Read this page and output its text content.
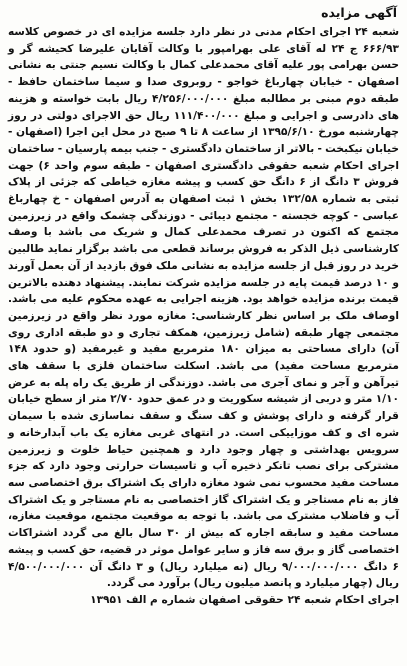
آگهی مزایده

شعبه ۲۴ اجرای احکام مدنی در نظر دارد جلسه مزایده ای در خصوص کلاسه ۶۶۶/۹۳ ج ۲۴ له آقای علی بهرامپور با وکالت آقایان علیرضا کحیشه گر و حسن بهرامی پور علیه آقای محمدعلی کمال با وکالت نسیم جنتی به نشانی اصفهان - خیابان چهارباغ خواجو - روبروی صدا و سیما ساختمان حافظ - طبقه دوم مبنی بر مطالبه مبلغ ۴/۲۵۶/۰۰۰/۰۰۰ ریال بابت خواسته و هزینه های دادرسی و اجرایی و مبلغ ۱۱۱/۴۰۰/۰۰۰ ریال حق الاجرای دولتی در روز چهارشنبه مورخ ۱۳۹۵/۶/۱۰ از ساعت ۸ تا ۹ صبح در محل این اجرا (اصفهان - خیابان نیکبخت - بالاتر از ساختمان دادگستری - جنب بیمه پارسیان - ساختمان اجرای احکام شعبه حقوقی دادگستری اصفهان - طبقه سوم واحد ۶) جهت فروش ۳ دانگ از ۶ دانگ حق کسب و پیشه مغازه خیاطی که جزئی از پلاک ثبتی به شماره ۱۳۲/۵۸ بخش ۱ ثبت اصفهان به آدرس اصفهان - خ چهارباغ عباسی - کوچه خجسته - مجتمع دیبائی - دوزندگی چشمک واقع در زیرزمین مجتمع که اکنون در تصرف محمدعلی کمال و شریک می باشد با وصف کارشناسی ذیل الذکر به فروش برساند قطعی می باشد برگزار نماید طالبین خرید در روز قبل از جلسه مزایده به نشانی ملک فوق بازدید از آن بعمل آورند و ۱۰ درصد قیمت پایه در جلسه مزایده شرکت نمایند. پیشنهاد دهنده بالاترین قیمت برنده مزایده خواهد بود. هزینه اجرایی به عهده محکوم علیه می باشد. اوصاف ملک بر اساس نظر کارشناسی: مغازه مورد نظر واقع در زیرزمین مجتمعی چهار طبقه (شامل زیرزمین، همکف تجاری و دو طبقه اداری روی آن) دارای مساحتی به میزان ۱۸۰ مترمربع مفید و غیرمفید (و حدود ۱۴۸ مترمربع مساحت مفید) می باشد. اسکلت ساختمان فلزی با سقف های تیرآهن و آجر و نمای آجری می باشد. دوزندگی از طریق یک راه پله به عرض ۱/۱۰ متر و دربی از شیشه سکوریت و در عمق حدود ۲/۷۰ متر از سطح خیابان قرار گرفته و دارای پوشش و کف سنگ و سقف نماسازی شده با سیمان شره ای و کف موزاییکی است. در انتهای غربی مغازه یک باب آبدارخانه و سرویس بهداشتی و چهار وجود دارد و همچنین حیاط خلوت و زیرزمین مشترکی برای نصب تانکر ذخیره آب و تاسیسات حرارتی وجود دارد که جزء مساحت مفید محسوب نمی شود مغازه دارای یک اشتراک برق اختصاصی سه فاز به نام مستاجر و یک اشتراک گاز اختصاصی به نام مستاجر و یک اشتراک آب و فاضلاب مشترک می باشد. با توجه به موقعیت مجتمع، موقعیت مغازه، مساحت مفید و سابقه اجاره که بیش از ۳۰ سال بالغ می گردد اشتراکات اختصاصی گاز و برق سه فاز و سایر عوامل موثر در قضیه، حق کسب و پیشه ۶ دانگ ۹/۰۰۰/۰۰۰/۰۰۰ ریال (نه میلیارد ریال) و ۳ دانگ آن ۴/۵۰۰/۰۰۰/۰۰۰ ریال (چهار میلیارد و پانصد میلیون ریال) برآورد می گردد.

اجرای احکام شعبه ۲۴ حقوقی اصفهان شماره م الف ۱۳۹۵۱
